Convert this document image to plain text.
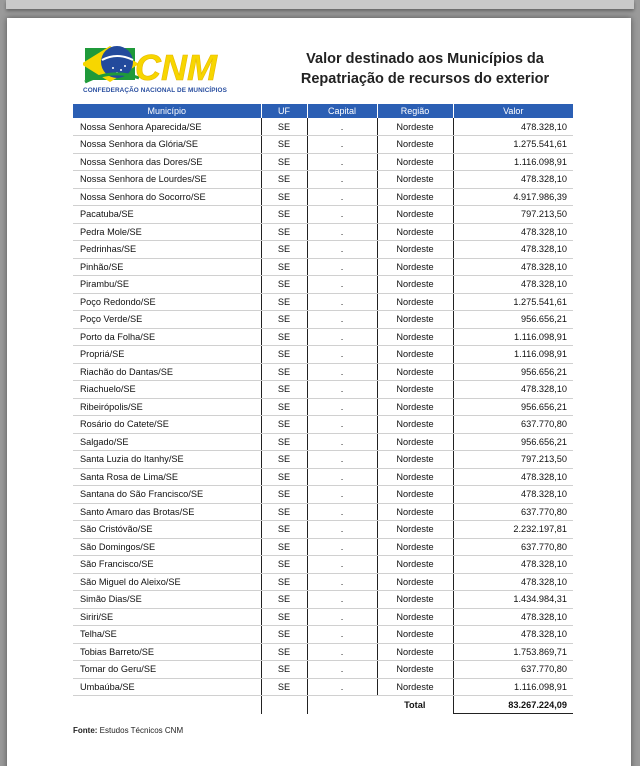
CNM
CONFEDERAÇÃO NACIONAL DE MUNICÍPIOS
Valor destinado aos Municípios da
Repatriação de recursos do exterior
Município	UF	Capital	Região	Valor
Nossa Senhora Aparecida/SE	SE	.	Nordeste	478.328,10
Nossa Senhora da Glória/SE	SE	.	Nordeste	1.275.541,61
Nossa Senhora das Dores/SE	SE	.	Nordeste	1.116.098,91
Nossa Senhora de Lourdes/SE	SE	.	Nordeste	478.328,10
Nossa Senhora do Socorro/SE	SE	.	Nordeste	4.917.986,39
Pacatuba/SE	SE	.	Nordeste	797.213,50
Pedra Mole/SE	SE	.	Nordeste	478.328,10
Pedrinhas/SE	SE	.	Nordeste	478.328,10
Pinhão/SE	SE	.	Nordeste	478.328,10
Pirambu/SE	SE	.	Nordeste	478.328,10
Poço Redondo/SE	SE	.	Nordeste	1.275.541,61
Poço Verde/SE	SE	.	Nordeste	956.656,21
Porto da Folha/SE	SE	.	Nordeste	1.116.098,91
Propriá/SE	SE	.	Nordeste	1.116.098,91
Riachão do Dantas/SE	SE	.	Nordeste	956.656,21
Riachuelo/SE	SE	.	Nordeste	478.328,10
Ribeirópolis/SE	SE	.	Nordeste	956.656,21
Rosário do Catete/SE	SE	.	Nordeste	637.770,80
Salgado/SE	SE	.	Nordeste	956.656,21
Santa Luzia do Itanhy/SE	SE	.	Nordeste	797.213,50
Santa Rosa de Lima/SE	SE	.	Nordeste	478.328,10
Santana do São Francisco/SE	SE	.	Nordeste	478.328,10
Santo Amaro das Brotas/SE	SE	.	Nordeste	637.770,80
São Cristóvão/SE	SE	.	Nordeste	2.232.197,81
São Domingos/SE	SE	.	Nordeste	637.770,80
São Francisco/SE	SE	.	Nordeste	478.328,10
São Miguel do Aleixo/SE	SE	.	Nordeste	478.328,10
Simão Dias/SE	SE	.	Nordeste	1.434.984,31
Siriri/SE	SE	.	Nordeste	478.328,10
Telha/SE	SE	.	Nordeste	478.328,10
Tobias Barreto/SE	SE	.	Nordeste	1.753.869,71
Tomar do Geru/SE	SE	.	Nordeste	637.770,80
Umbaúba/SE	SE	.	Nordeste	1.116.098,91
			Total	83.267.224,09
Fonte: Estudos Técnicos CNM
